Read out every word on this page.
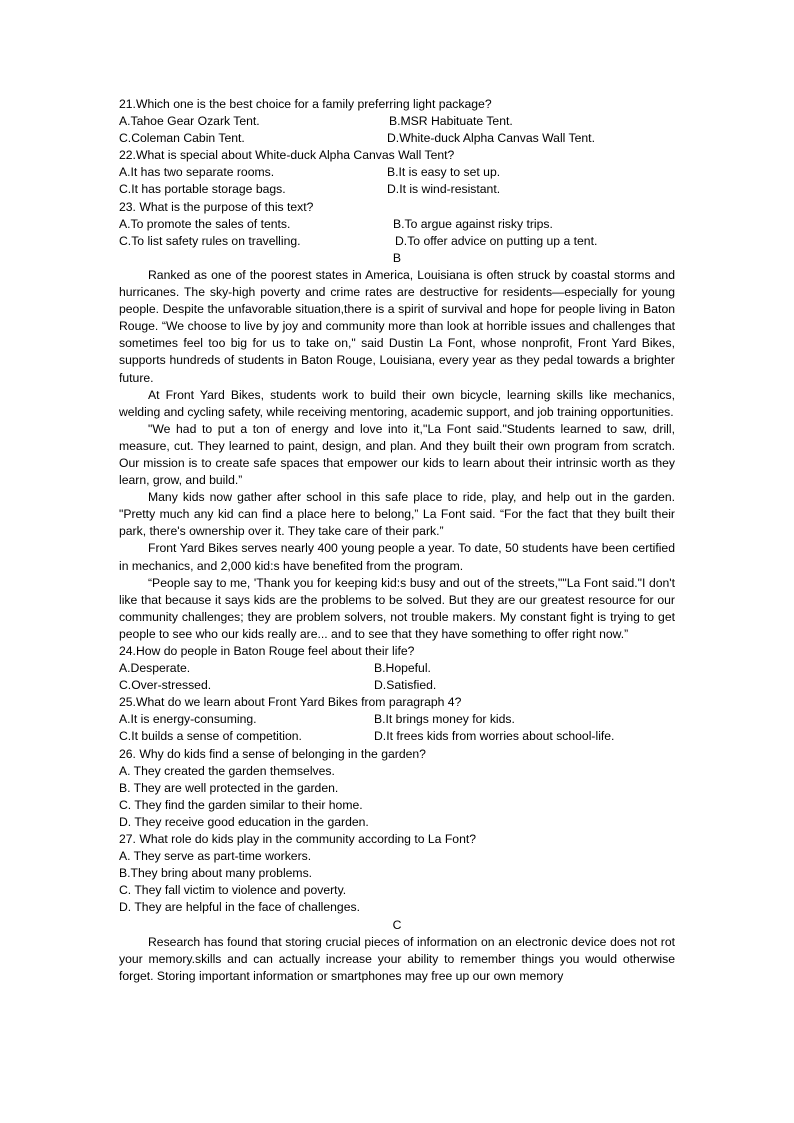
21.Which one is the best choice for a family preferring light package?
A.Tahoe Gear Ozark Tent.	B.MSR Habituate Tent.
C.Coleman Cabin Tent.	D.White-duck Alpha Canvas Wall Tent.
22.What is special about White-duck Alpha Canvas Wall Tent?
A.It has two separate rooms.	B.It is easy to set up.
C.It has portable storage bags.	D.It is wind-resistant.
23. What is the purpose of this text?
A.To promote the sales of tents.	B.To argue against risky trips.
C.To list safety rules on travelling.	D.To offer advice on putting up a tent.
B

Ranked as one of the poorest states in America, Louisiana is often struck by coastal storms and hurricanes. The sky-high poverty and crime rates are destructive for residents—especially for young people. Despite the unfavorable situation,there is a spirit of survival and hope for people living in Baton Rouge. “We choose to live by joy and community more than look at horrible issues and challenges that sometimes feel too big for us to take on," said Dustin La Font, whose nonprofit, Front Yard Bikes, supports hundreds of students in Baton Rouge, Louisiana, every year as they pedal towards a brighter future.

At Front Yard Bikes, students work to build their own bicycle, learning skills like mechanics, welding and cycling safety, while receiving mentoring, academic support, and job training opportunities.

"We had to put a ton of energy and love into it,''La Font said."Students learned to saw, drill, measure, cut. They learned to paint, design, and plan. And they built their own program from scratch. Our mission is to create safe spaces that empower our kids to learn about their intrinsic worth as they learn, grow, and build.”

Many kids now gather after school in this safe place to ride, play, and help out in the garden. "Pretty much any kid can find a place here to belong,” La Font said. “For the fact that they built their park, there's ownership over it. They take care of their park.”

Front Yard Bikes serves nearly 400 young people a year. To date, 50 students have been certified in mechanics, and 2,000 kid:s have benefited from the program.

“People say to me, 'Thank you for keeping kid:s busy and out of the streets,""La Font said."I don't like that because it says kids are the problems to be solved. But they are our greatest resource for our community challenges; they are problem solvers, not trouble makers. My constant fight is trying to get people to see who our kids really are... and to see that they have something to offer right now.”

24.How do people in Baton Rouge feel about their life?
A.Desperate.	B.Hopeful.
C.Over-stressed.	D.Satisfied.
25.What do we learn about Front Yard Bikes from paragraph 4?
A.It is energy-consuming.	B.It brings money for kids.
C.It builds a sense of competition.	D.It frees kids from worries about school-life.
26. Why do kids find a sense of belonging in the garden?
A. They created the garden themselves.
B. They are well protected in the garden.
C. They find the garden similar to their home.
D. They receive good education in the garden.
27. What role do kids play in the community according to La Font?
A. They serve as part-time workers.
B.They bring about many problems.
C. They fall victim to violence and poverty.
D. They are helpful in the face of challenges.
C

Research has found that storing crucial pieces of information on an electronic device does not rot your memory.skills and can actually increase your ability to remember things you would otherwise forget. Storing important information or smartphones may free up our own memory
